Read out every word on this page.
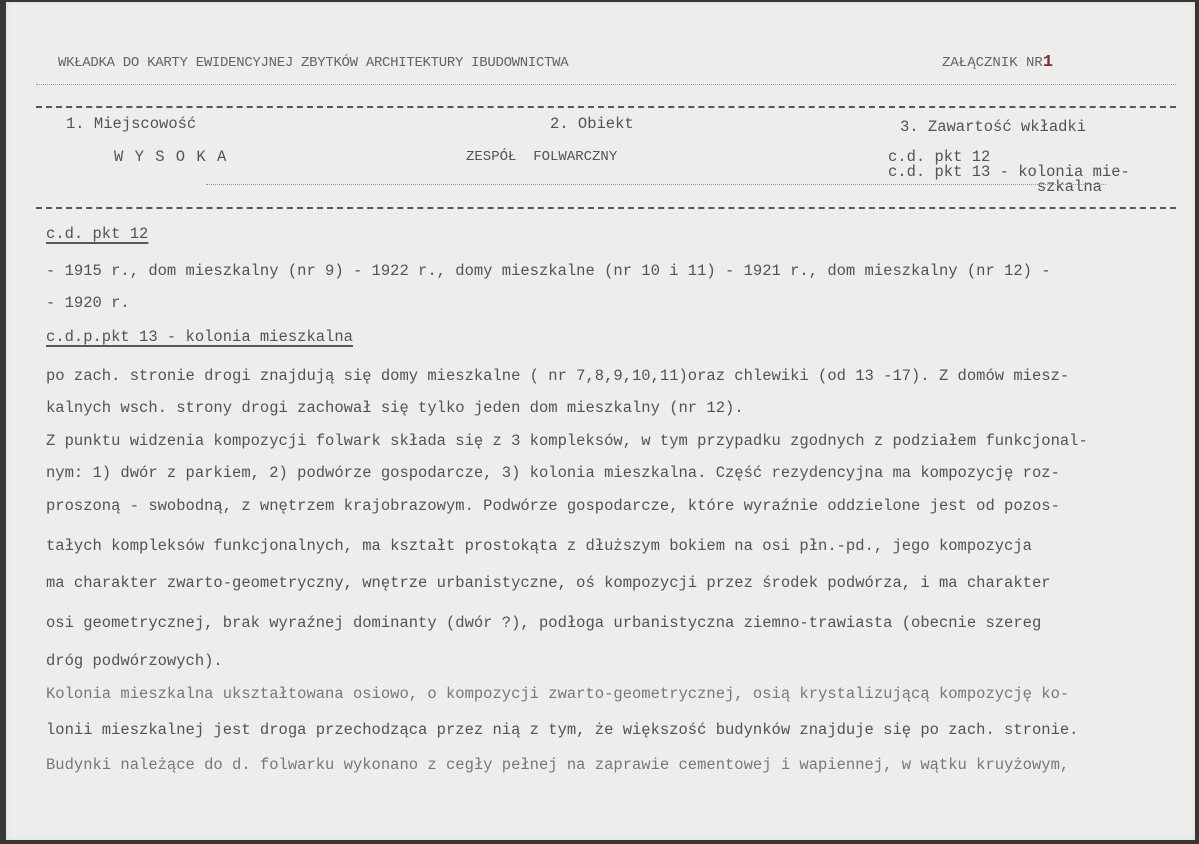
WKŁADKA DO KARTY EWIDENCYJNEJ ZBYTKÓW ARCHITEKTURY IBUDOWNICTWA	ZAŁĄCZNIK NR1
1. Miejscowość
W Y S O K A
2. Obiekt
ZESPÓŁ  FOLWARCZNY
3. Zawartość wkładki
c.d. pkt 12
c.d. pkt 13 - kolonia mie-
szkalna
c.d. pkt 12
- 1915 r., dom mieszkalny (nr 9) - 1922 r., domy mieszkalne (nr 10 i 11) - 1921 r., dom mieszkalny (nr 12) -
- 1920 r.
c.d.p.pkt 13 - kolonia mieszkalna
po zach. stronie drogi znajdują się domy mieszkalne ( nr 7,8,9,10,11)oraz chlewiki (od 13 -17). Z domów miesz-
kalnych wsch. strony drogi zachował się tylko jeden dom mieszkalny (nr 12).
Z punktu widzenia kompozycji folwark składa się z 3 kompleksów, w tym przypadku zgodnych z podziałem funkcjonal-
nym: 1) dwór z parkiem, 2) podwórze gospodarcze, 3) kolonia mieszkalna. Część rezydencyjna ma kompozycję roz-
proszoną - swobodną, z wnętrzem krajobrazowym. Podwórze gospodarcze, które wyraźnie oddzielone jest od pozos-
tałych kompleksów funkcjonalnych, ma kształt prostokąta z dłuższym bokiem na osi płn.-pd., jego kompozycja
ma charakter zwarto-geometryczny, wnętrze urbanistyczne, oś kompozycji przez środek podwórza, i ma charakter
osi geometrycznej, brak wyraźnej dominanty (dwór ?), podłoga urbanistyczna ziemno-trawiasta (obecnie szereg
dróg podwórzowych).
Kolonia mieszkalna ukształtowana osiowo, o kompozycji zwarto-geometrycznej, osią krystalizującą kompozycję ko-
lonii mieszkalnej jest droga przechodząca przez nią z tym, że większość budynków znajduje się po zach. stronie.
Budynki należące do d. folwarku wykonano z cegły pełnej na zaprawie cementowej i wapiennej, w wątku kruyżowym,
